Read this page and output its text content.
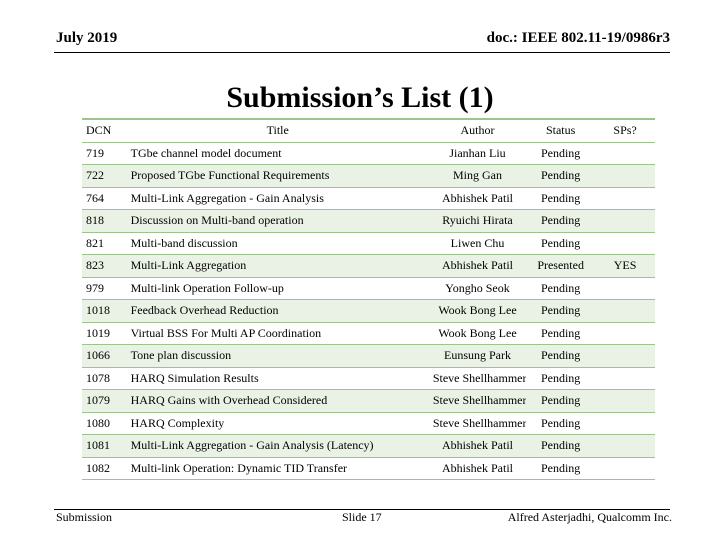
July 2019	doc.: IEEE 802.11-19/0986r3
Submission’s List (1)
DCN	Title	Author	Status	SPs?
719	TGbe channel model document	Jianhan Liu	Pending	
722	Proposed TGbe Functional Requirements	Ming Gan	Pending	
764	Multi-Link Aggregation - Gain Analysis	Abhishek Patil	Pending	
818	Discussion on Multi-band operation	Ryuichi Hirata	Pending	
821	Multi-band discussion	Liwen Chu	Pending	
823	Multi-Link Aggregation	Abhishek Patil	Presented	YES
979	Multi-link Operation Follow-up	Yongho Seok	Pending	
1018	Feedback Overhead Reduction	Wook Bong Lee	Pending	
1019	Virtual BSS For Multi AP Coordination	Wook Bong Lee	Pending	
1066	Tone plan discussion	Eunsung Park	Pending	
1078	HARQ Simulation Results	Steve Shellhammer	Pending	
1079	HARQ Gains with Overhead Considered	Steve Shellhammer	Pending	
1080	HARQ Complexity	Steve Shellhammer	Pending	
1081	Multi-Link Aggregation - Gain Analysis (Latency)	Abhishek Patil	Pending	
1082	Multi-link Operation: Dynamic TID Transfer	Abhishek Patil	Pending	
Submission	Slide 17	Alfred Asterjadhi, Qualcomm Inc.
